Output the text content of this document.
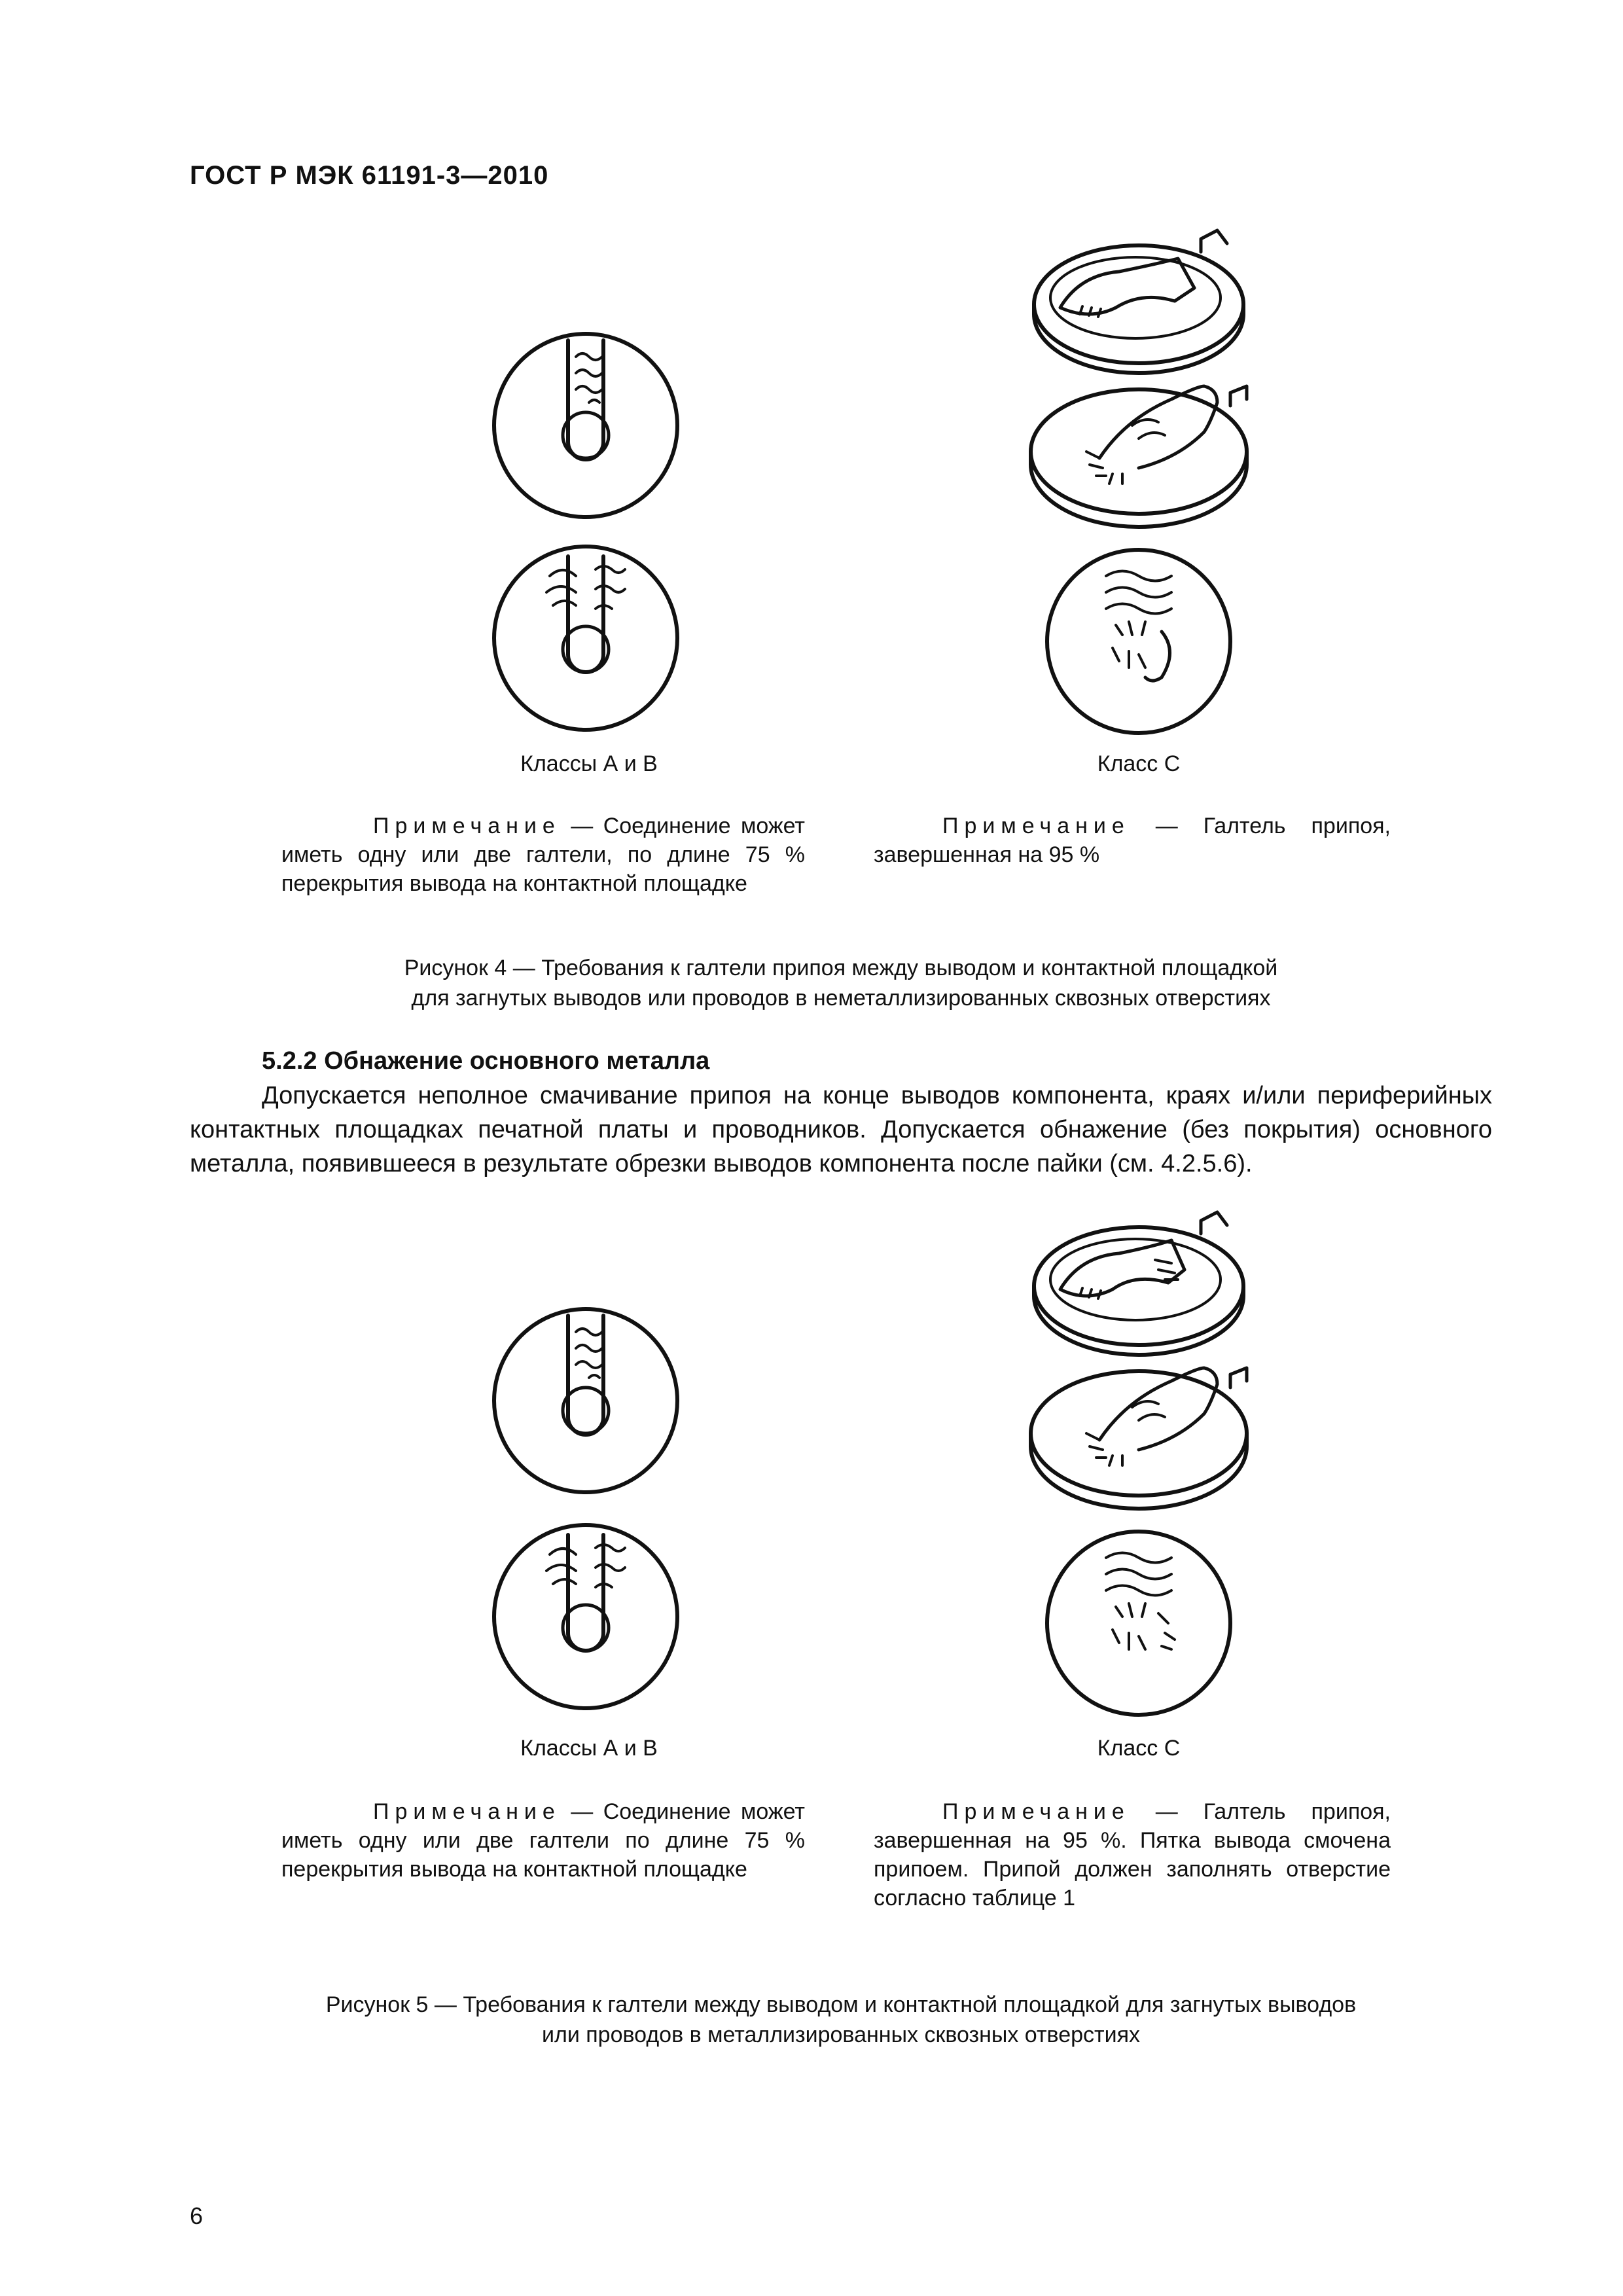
ГОСТ Р МЭК 61191-3—2010
Классы А и В	Класс С
Примечание — Соединение может иметь одну или две галтели, по длине 75 % перекрытия вывода на контактной площадке
Примечание — Галтель припоя, завершенная на 95 %
Рисунок 4 — Требования к галтели припоя между выводом и контактной площадкой
для загнутых выводов или проводов в неметаллизированных сквозных отверстиях
5.2.2 Обнажение основного металла
Допускается неполное смачивание припоя на конце выводов компонента, краях и/или периферийных контактных площадках печатной платы и проводников. Допускается обнажение (без покрытия) основного металла, появившееся в результате обрезки выводов компонента после пайки (см. 4.2.5.6).
Классы А и В	Класс С
Примечание — Соединение может иметь одну или две галтели по длине 75 % перекрытия вывода на контактной площадке
Примечание — Галтель припоя, завершенная на 95 %. Пятка вывода смочена припоем. Припой должен заполнять отверстие согласно таблице 1
Рисунок 5 — Требования к галтели между выводом и контактной площадкой для загнутых выводов
или проводов в металлизированных сквозных отверстиях
6
